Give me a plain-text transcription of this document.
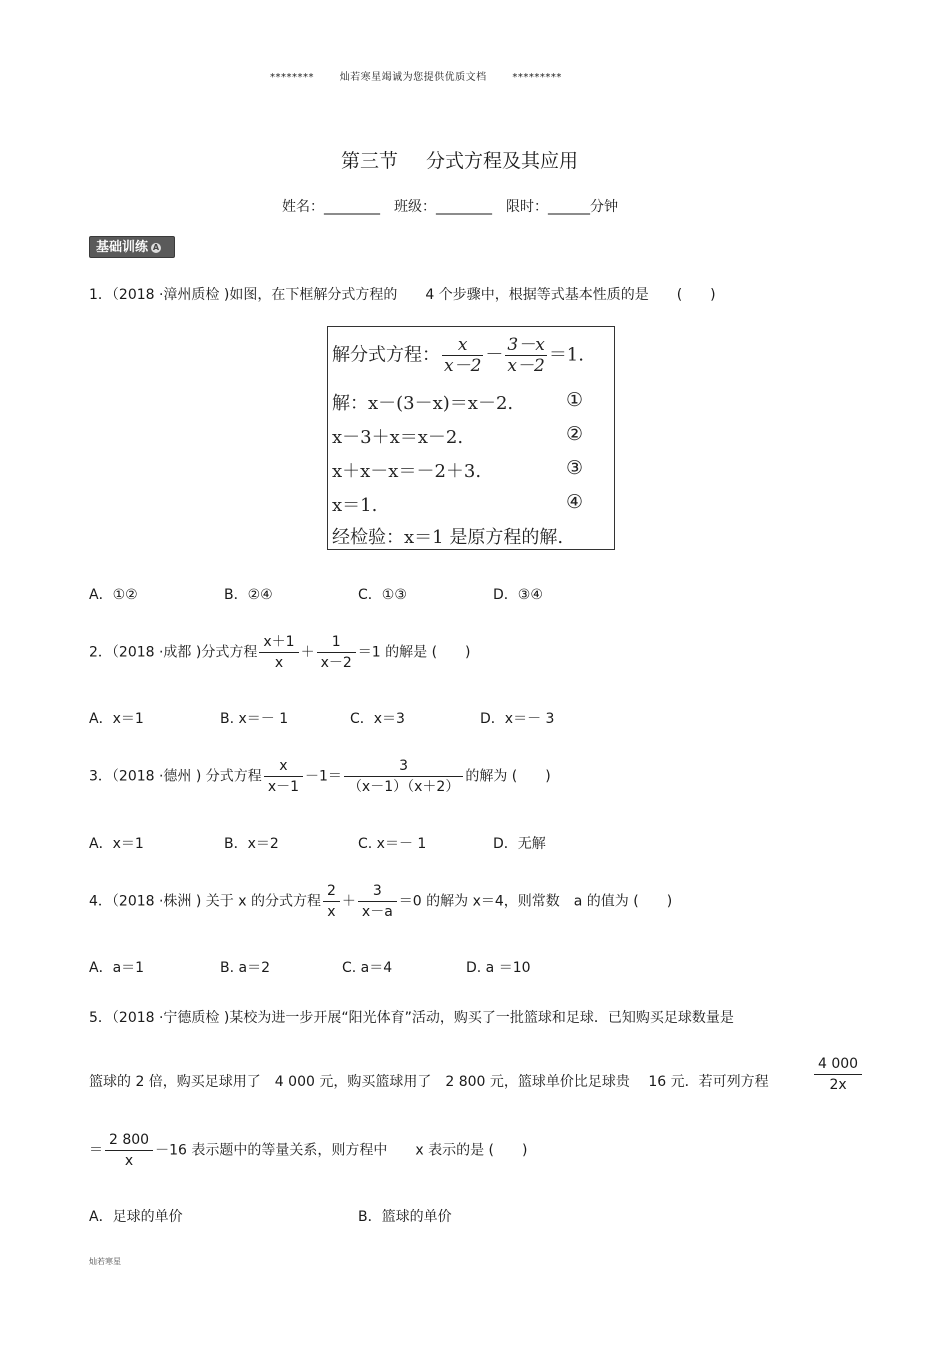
********	灿若寒星竭诚为您提供优质文档	*********
第三节 分式方程及其应用
姓名：________　班级：________　限时：______分钟
基础训练 A
1．（2018 ·漳州质检 )如图，在下框解分式方程的　　4 个步骤中，根据等式基本性质的是　　(　　)
解分式方程： $\frac{x}{x-2} - \frac{3-x}{x-2} =1$.
解：x－(3－x)＝x－2.	①
x－3＋x＝x－2.	②
x＋x－x＝－2＋3.	③
x＝1.	④
经检验：x＝1 是原方程的解.
A．①②	B．②④	C．①③	D．③④
2．（2018 ·成都 )分式方程 $\frac{x+1}{x} + \frac{1}{x-2} =1$ 的解是 (　　)
A．x＝1	B. x＝－ 1	C．x＝3	D．x＝－ 3
3．（2018 ·德州 ) 分式方程 $\frac{x}{x-1} -1= \frac{3}{(x-1)(x+2)}$ 的解为 (　　)
A．x＝1	B．x＝2	C. x＝－ 1	D．无解
4．（2018 ·株洲 ) 关于 x 的分式方程 $\frac{2}{x} + \frac{3}{x-a} =0$ 的解为 x＝4，则常数　a 的值为 (　　)
A．a＝1	B. a＝2	C. a＝4	D. a ＝10
5．（2018 ·宁德质检 )某校为进一步开展“阳光体育”活动，购买了一批篮球和足球．已知购买足球数量是
篮球的 2 倍，购买足球用了　4 000 元，购买篮球用了　2 800 元，篮球单价比足球贵　 16 元．若可列方程	$\frac{4 000}{2x}$
＝ $\frac{2 800}{x} -16$ 表示题中的等量关系，则方程中　　x 表示的是 (　　)
A．足球的单价	B．篮球的单价
灿若寒星
